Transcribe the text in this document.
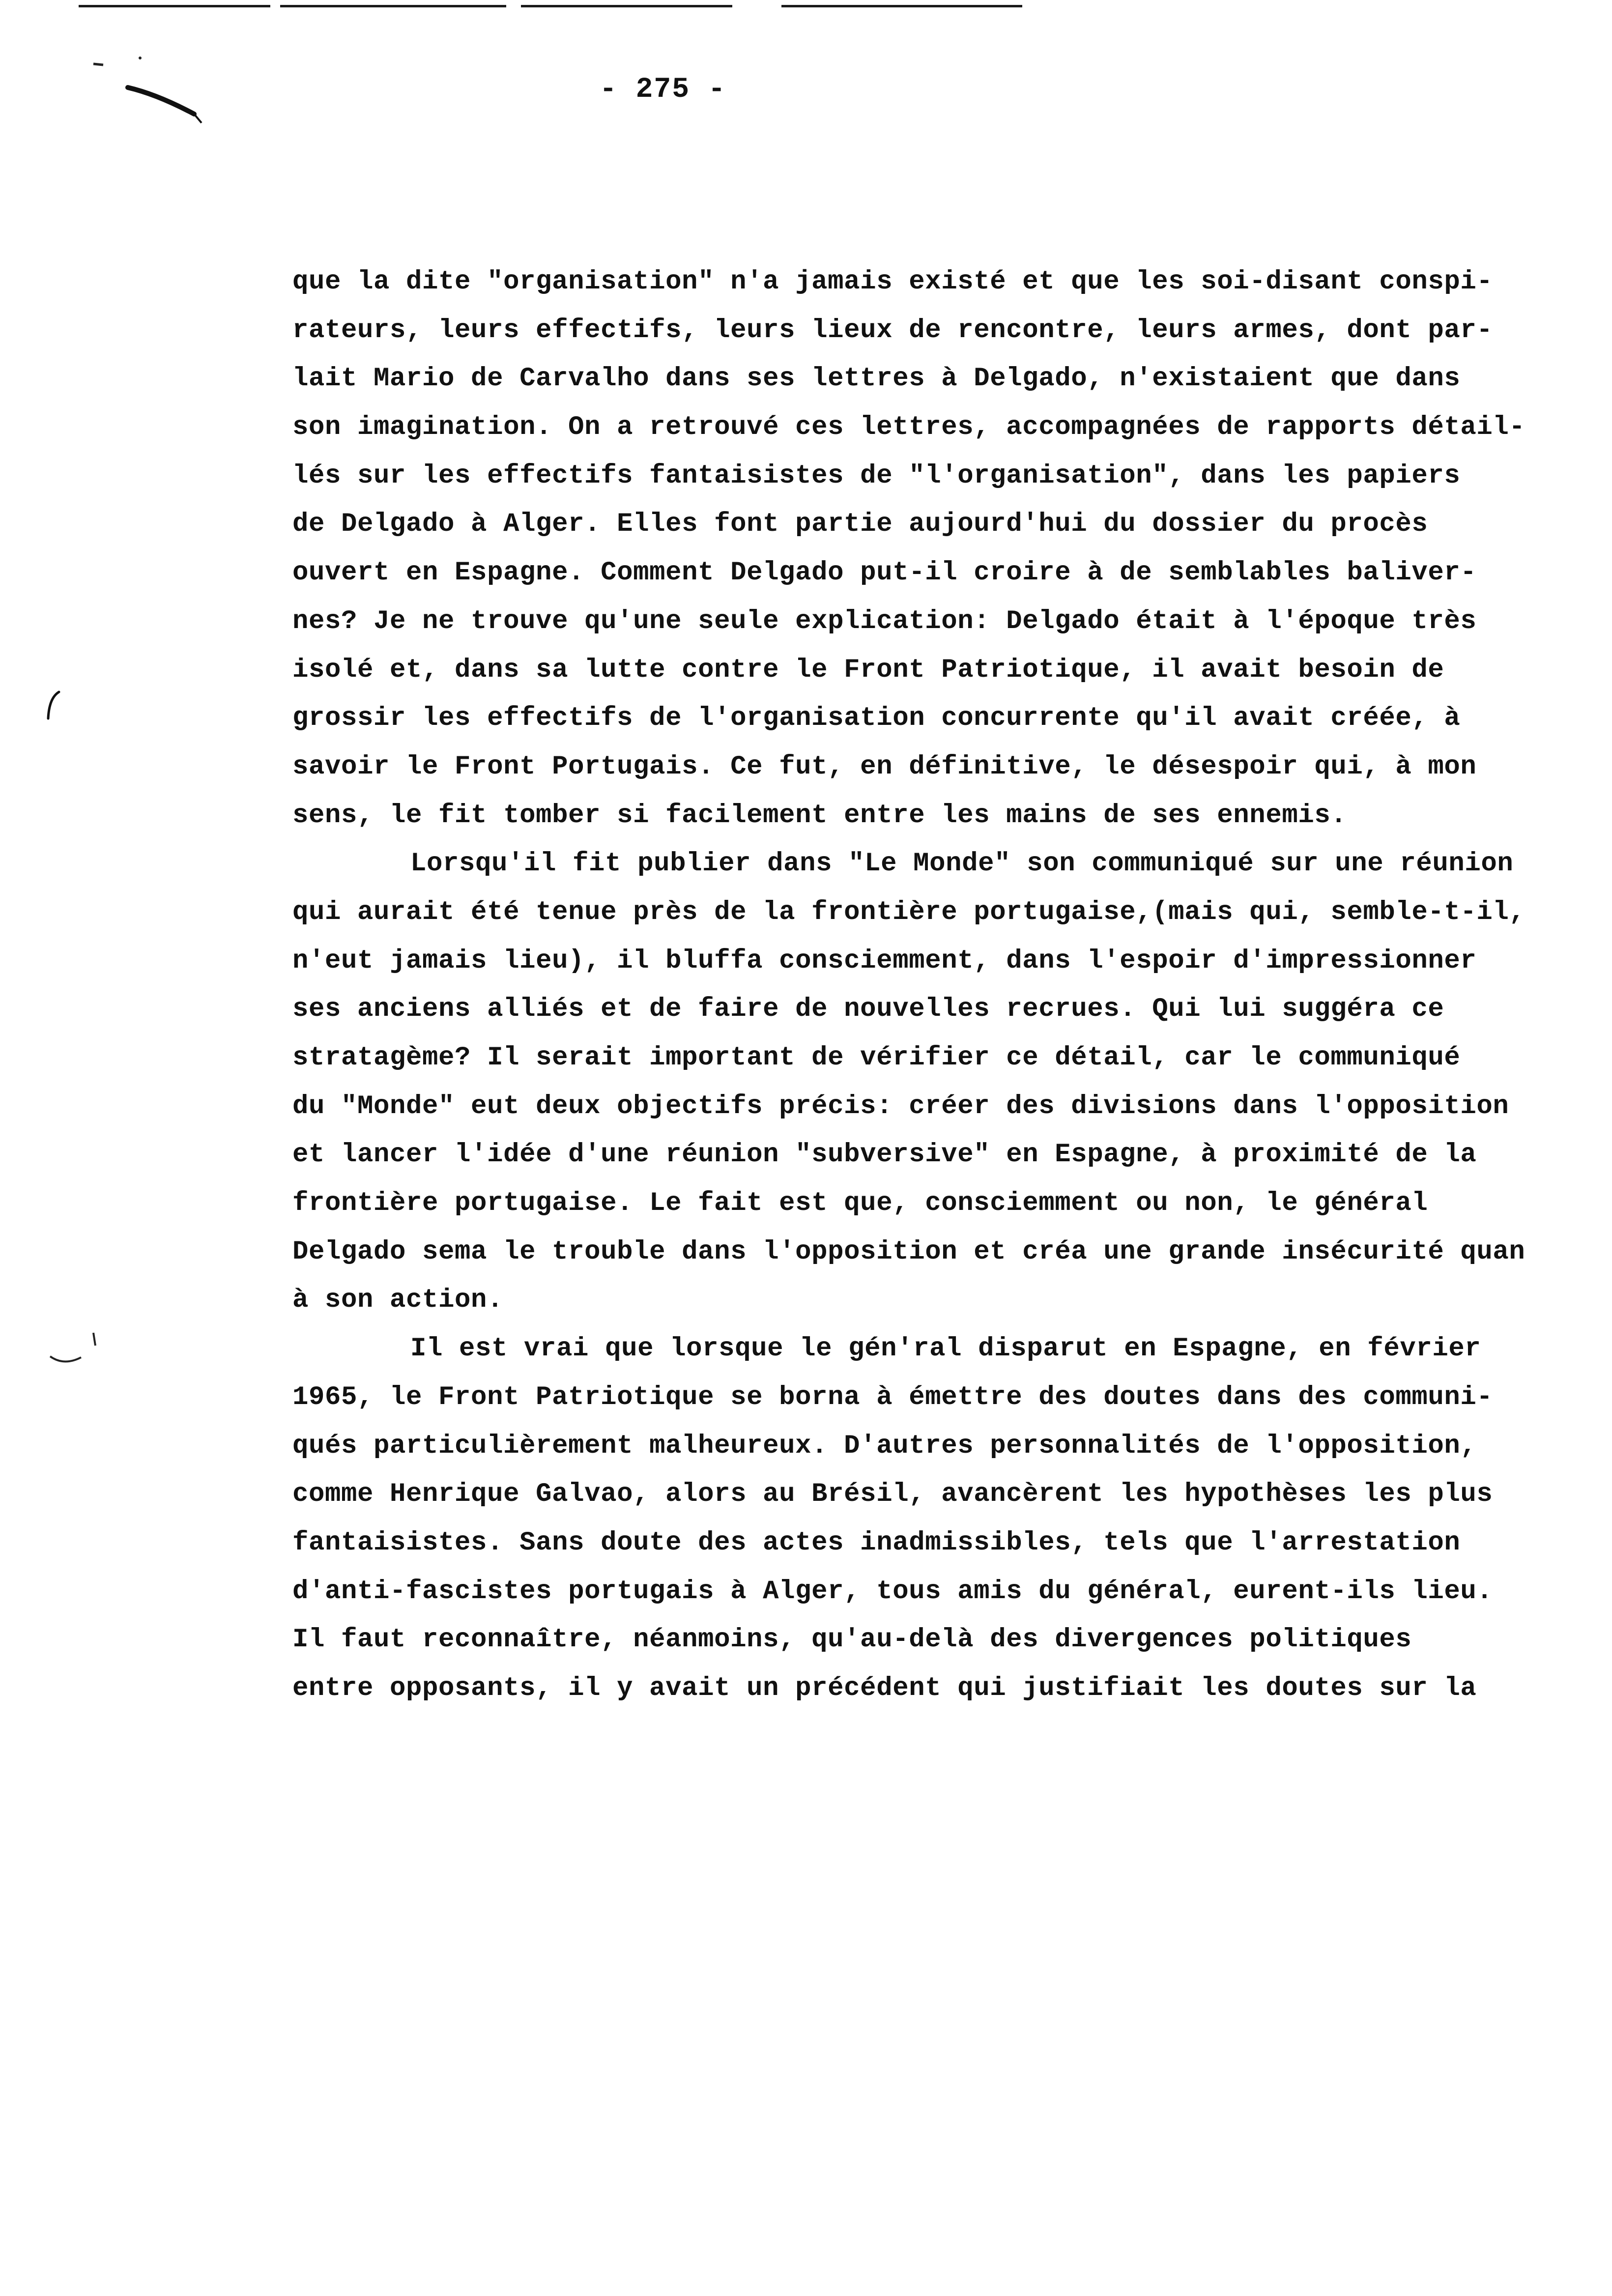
- 275 -
que la dite "organisation" n'a jamais existé et que les soi-disant conspi-
rateurs, leurs effectifs, leurs lieux de rencontre, leurs armes, dont par-
lait Mario de Carvalho dans ses lettres à Delgado, n'existaient que dans
son imagination. On a retrouvé ces lettres, accompagnées de rapports détail-
lés sur les effectifs fantaisistes de "l'organisation", dans les papiers
de Delgado à Alger. Elles font partie aujourd'hui du dossier du procès
ouvert en Espagne. Comment Delgado put-il croire à de semblables baliver-
nes? Je ne trouve qu'une seule explication: Delgado était à l'époque très
isolé et, dans sa lutte contre le Front Patriotique, il avait besoin de
grossir les effectifs de l'organisation concurrente qu'il avait créée, à
savoir le Front Portugais. Ce fut, en définitive, le désespoir qui, à mon
sens, le fit tomber si facilement entre les mains de ses ennemis.
Lorsqu'il fit publier dans "Le Monde" son communiqué sur une réunion
qui aurait été tenue près de la frontière portugaise,(mais qui, semble-t-il,
n'eut jamais lieu), il bluffa consciemment, dans l'espoir d'impressionner
ses anciens alliés et de faire de nouvelles recrues. Qui lui suggéra ce
stratagème? Il serait important de vérifier ce détail, car le communiqué
du "Monde" eut deux objectifs précis: créer des divisions dans l'opposition
et lancer l'idée d'une réunion "subversive" en Espagne, à proximité de la
frontière portugaise. Le fait est que, consciemment ou non, le général
Delgado sema le trouble dans l'opposition et créa une grande insécurité quan
à son action.
Il est vrai que lorsque le gén'ral disparut en Espagne, en février
1965, le Front Patriotique se borna à émettre des doutes dans des communi-
qués particulièrement malheureux. D'autres personnalités de l'opposition,
comme Henrique Galvao, alors au Brésil, avancèrent les hypothèses les plus
fantaisistes. Sans doute des actes inadmissibles, tels que l'arrestation
d'anti-fascistes portugais à Alger, tous amis du général, eurent-ils lieu.
Il faut reconnaître, néanmoins, qu'au-delà des divergences politiques
entre opposants, il y avait un précédent qui justifiait les doutes sur la
